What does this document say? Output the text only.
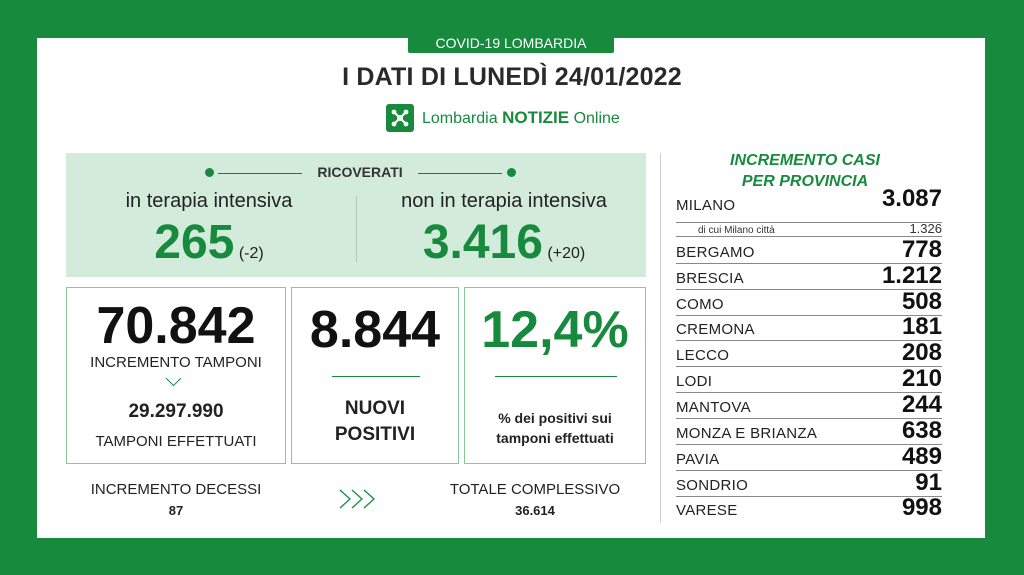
COVID-19 LOMBARDIA
I DATI DI LUNEDÌ 24/01/2022
Lombardia NOTIZIE Online
RICOVERATI
in terapia intensiva
265 (-2)
non in terapia intensiva
3.416 (+20)
70.842
INCREMENTO TAMPONI
29.297.990
TAMPONI EFFETTUATI
8.844
NUOVI
POSITIVI
12,4%
% dei positivi sui
tamponi effettuati
INCREMENTO DECESSI
87
TOTALE COMPLESSIVO
36.614
INCREMENTO CASI
PER PROVINCIA
MILANO	3.087
di cui Milano città	1.326
BERGAMO	778
BRESCIA	1.212
COMO	508
CREMONA	181
LECCO	208
LODI	210
MANTOVA	244
MONZA E BRIANZA	638
PAVIA	489
SONDRIO	91
VARESE	998
